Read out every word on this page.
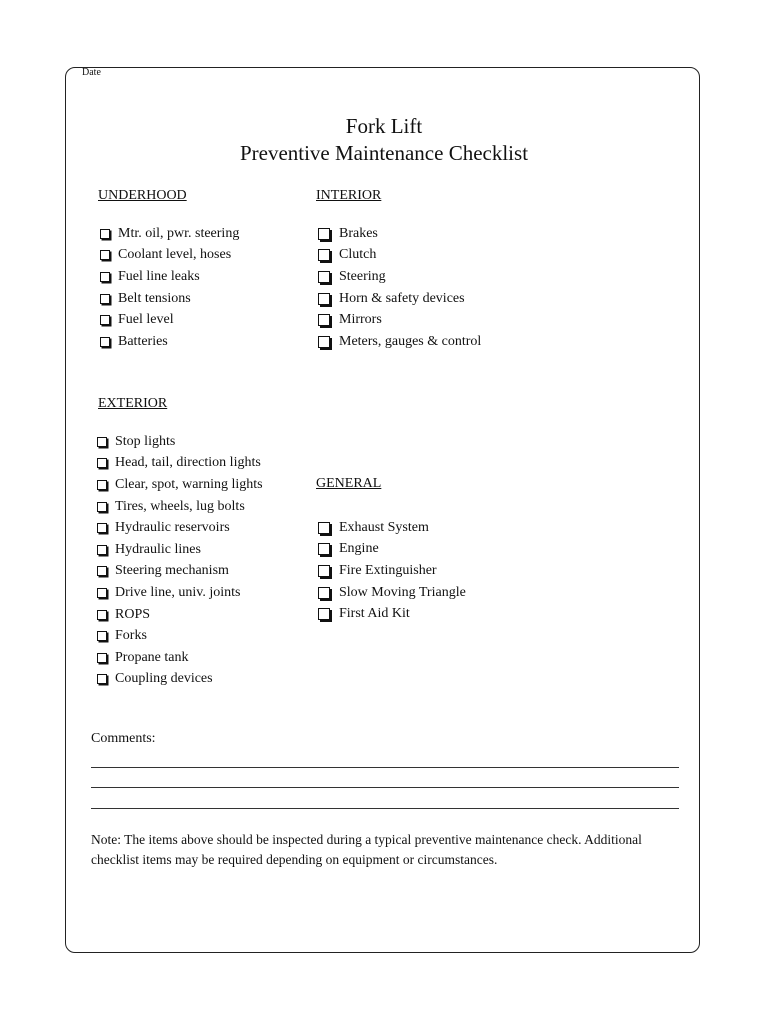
Date
Fork Lift
Preventive Maintenance Checklist
UNDERHOOD
Mtr. oil, pwr. steering
Coolant level, hoses
Fuel line leaks
Belt tensions
Fuel level
Batteries
INTERIOR
Brakes
Clutch
Steering
Horn & safety devices
Mirrors
Meters, gauges & control
EXTERIOR
Stop lights
Head, tail, direction lights
Clear, spot, warning lights
Tires, wheels, lug bolts
Hydraulic reservoirs
Hydraulic lines
Steering mechanism
Drive line, univ. joints
ROPS
Forks
Propane tank
Coupling devices
GENERAL
Exhaust System
Engine
Fire Extinguisher
Slow Moving Triangle
First Aid Kit
Comments:
Note: The items above should be inspected during a typical preventive maintenance check. Additional checklist items may be required depending on equipment or circumstances.
